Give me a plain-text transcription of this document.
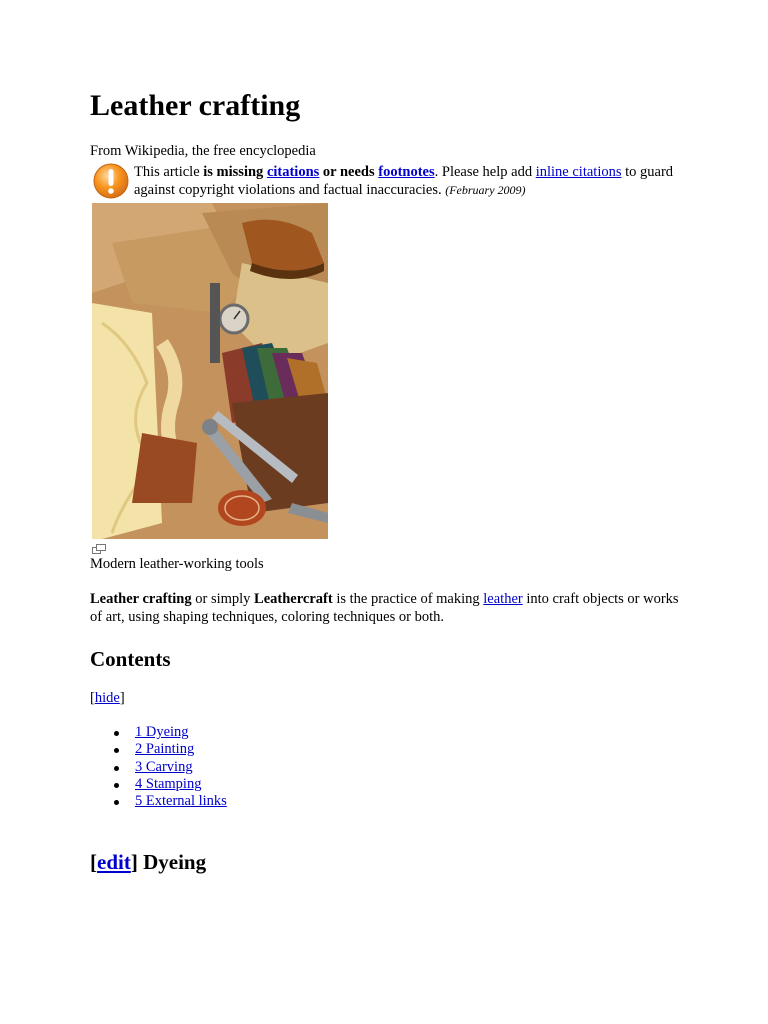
Leather crafting
From Wikipedia, the free encyclopedia
This article is missing citations or needs footnotes. Please help add inline citations to guard against copyright violations and factual inaccuracies. (February 2009)
Modern leather-working tools
Leather crafting or simply Leathercraft is the practice of making leather into craft objects or works of art, using shaping techniques, coloring techniques or both.
Contents
[hide]
1 Dyeing
2 Painting
3 Carving
4 Stamping
5 External links
[edit] Dyeing
